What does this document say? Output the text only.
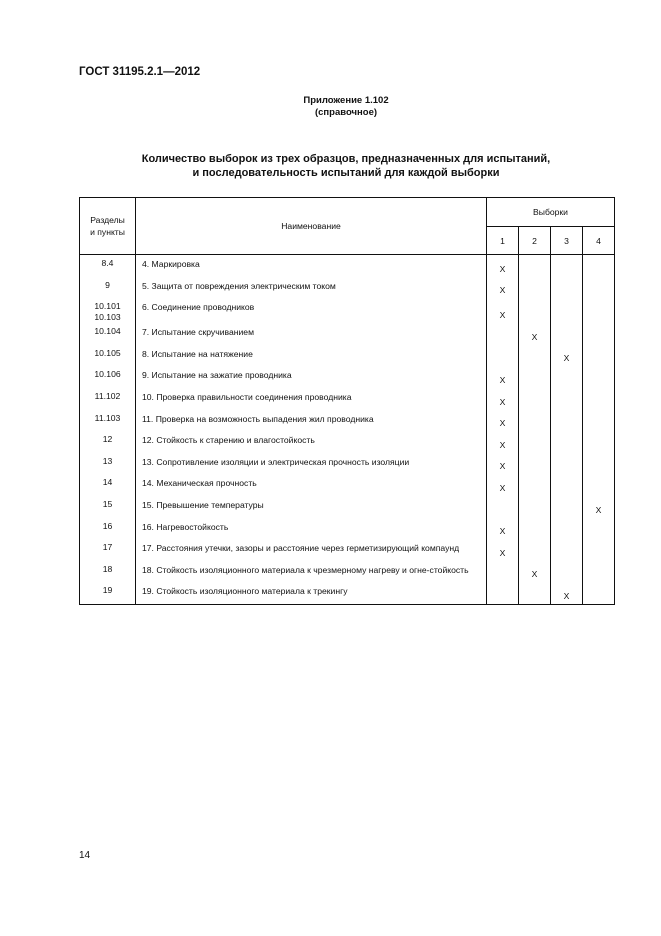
ГОСТ 31195.2.1—2012
Приложение 1.102
(справочное)
Количество выборок из трех образцов, предназначенных для испытаний,
и последовательность испытаний для каждой выборки
Разделы
и пункты	Наименование	Выборки			
		1	2	3	4

8.4	4. Маркировка	X			

9	5. Защита от повреждения электрическим током	X			

10.101
10.103	6. Соединение проводников	X			

10.104	7. Испытание скручиванием		X		

10.105	8. Испытание на натяжение			X	

10.106	9. Испытание на зажатие проводника	X			

11.102	10. Проверка правильности соединения проводника	X			

11.103	11. Проверка на возможность выпадения жил проводника	X			

12	12. Стойкость к старению и влагостойкость	X			

13	13. Сопротивление изоляции и электрическая прочность изоляции	X			

14	14. Механическая прочность	X			

15	15. Превышение температуры				X

16	16. Нагревостойкость	X			

17	17. Расстояния утечки, зазоры и расстояние через герметизирующий компаунд	X			

18	18. Стойкость изоляционного материала к чрезмерному нагреву и огне-стойкость		X		

19	19. Стойкость изоляционного материала к трекингу			X	
14
